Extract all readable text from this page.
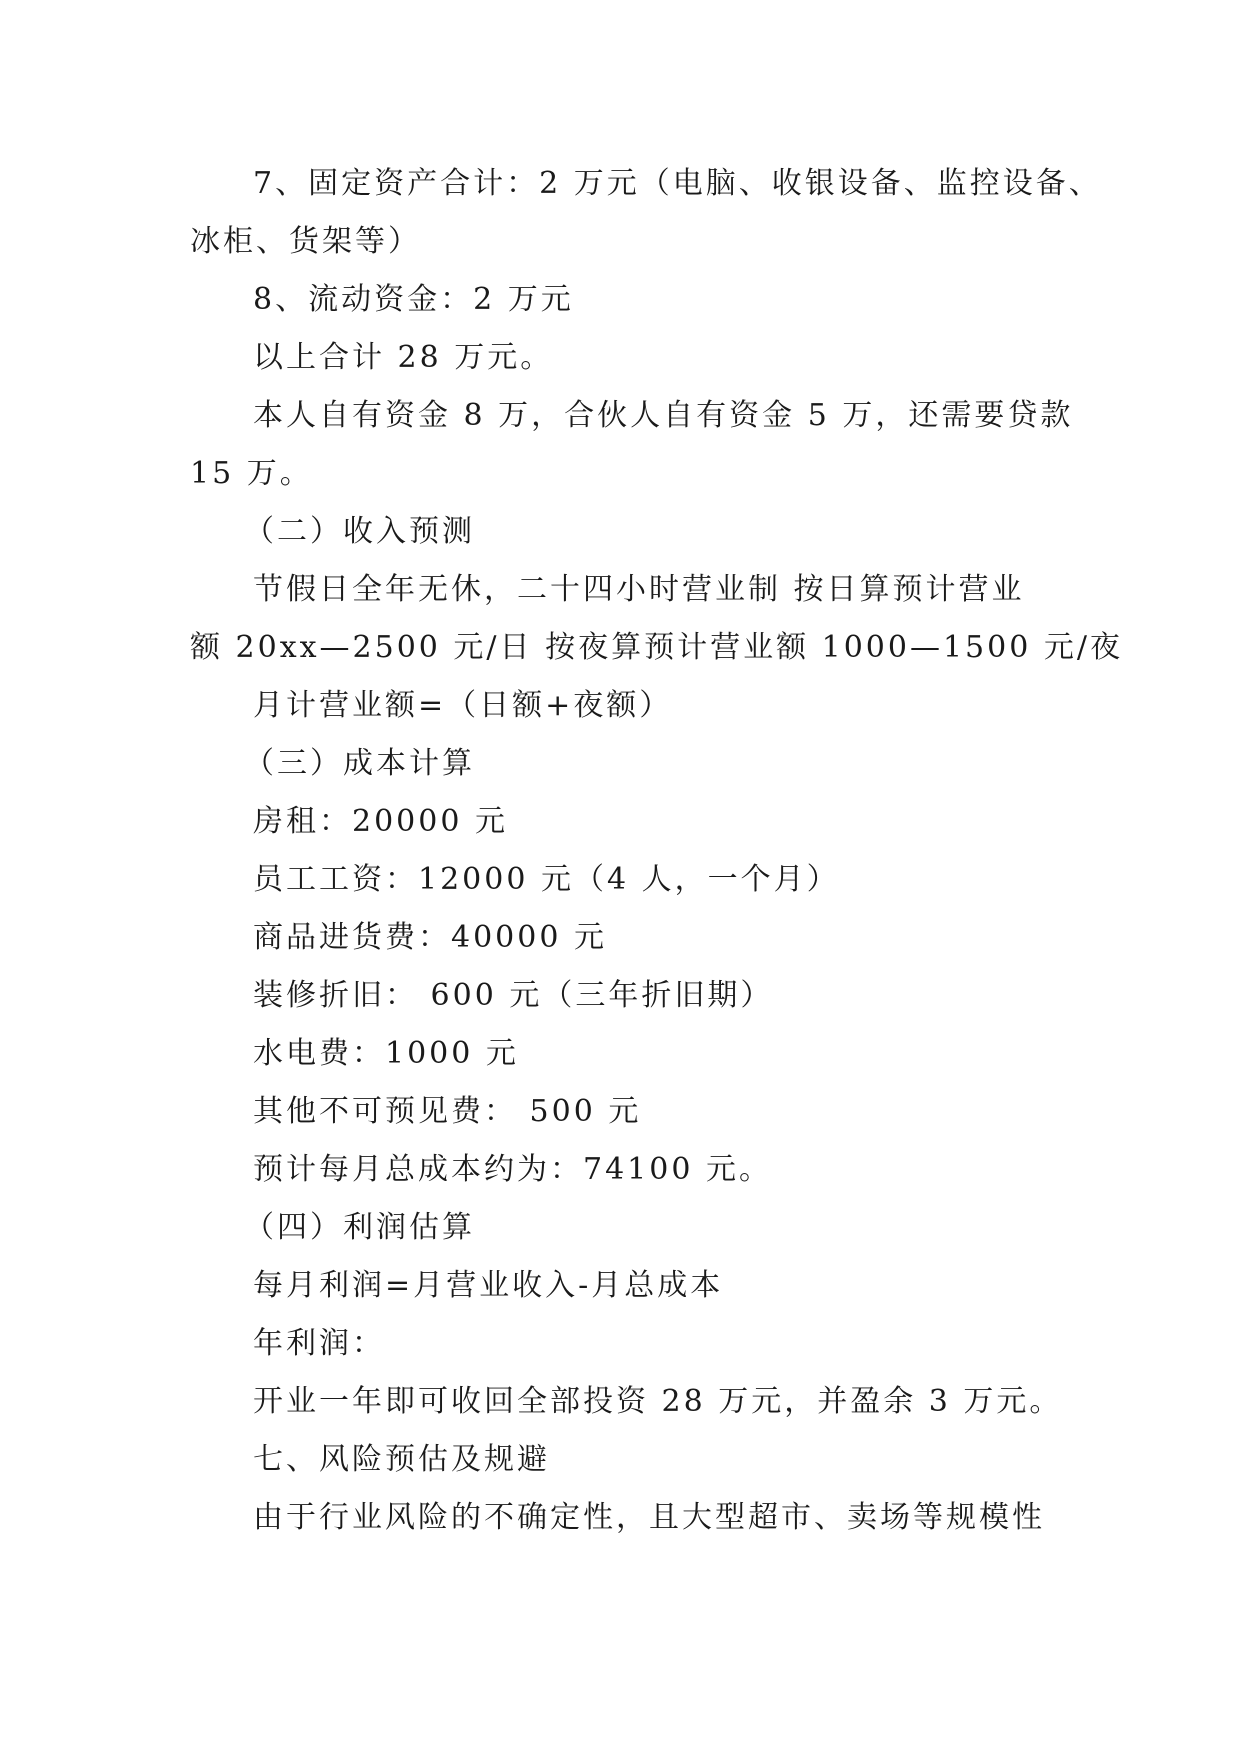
7、固定资产合计：2 万元（电脑、收银设备、监控设备、
冰柜、货架等）
8、流动资金：2 万元
以上合计 28 万元。
本人自有资金 8 万，合伙人自有资金 5 万，还需要贷款
15 万。
（二）收入预测
节假日全年无休，二十四小时营业制 按日算预计营业
额 20xx—2500 元/日 按夜算预计营业额 1000—1500 元/夜
月计营业额=（日额+夜额）
（三）成本计算
房租：20000 元
员工工资：12000 元（4 人，一个月）
商品进货费：40000 元
装修折旧： 600 元（三年折旧期）
水电费：1000 元
其他不可预见费： 500 元
预计每月总成本约为：74100 元。
（四）利润估算
每月利润=月营业收入-月总成本
年利润：
开业一年即可收回全部投资 28 万元，并盈余 3 万元。
七、风险预估及规避
由于行业风险的不确定性，且大型超市、卖场等规模性
